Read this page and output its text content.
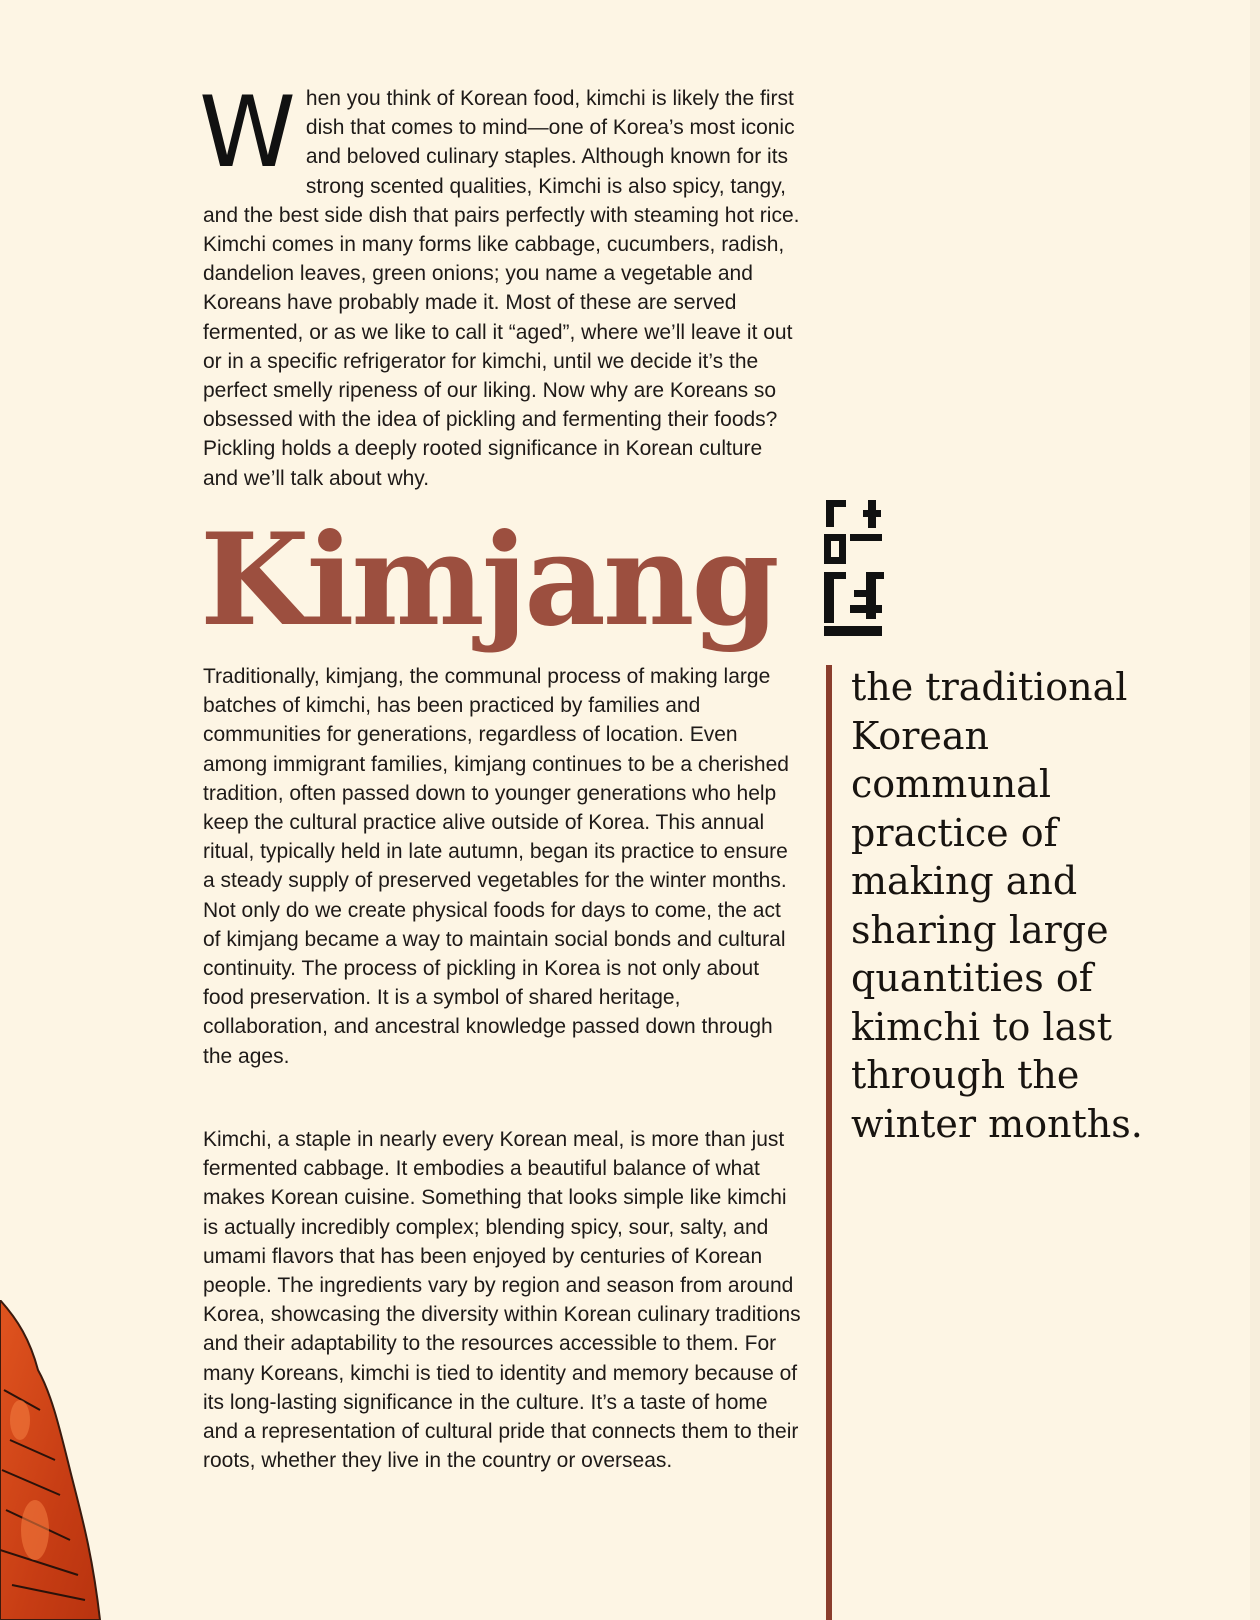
When you think of Korean food, kimchi is likely the first dish that comes to mind—one of Korea’s most iconic and beloved culinary staples. Although known for its strong scented qualities, Kimchi is also spicy, tangy, and the best side dish that pairs perfectly with steaming hot rice. Kimchi comes in many forms like cabbage, cucumbers, radish, dandelion leaves, green onions; you name a vegetable and Koreans have probably made it. Most of these are served fermented, or as we like to call it “aged”, where we’ll leave it out or in a specific refrigerator for kimchi, until we decide it’s the perfect smelly ripeness of our liking. Now why are Koreans so obsessed with the idea of pickling and fermenting their foods? Pickling holds a deeply rooted significance in Korean culture and we’ll talk about why.

Kimjang

the traditional Korean communal practice of making and sharing large quantities of kimchi to last through the winter months.

Traditionally, kimjang, the communal process of making large batches of kimchi, has been practiced by families and communities for generations, regardless of location. Even among immigrant families, kimjang continues to be a cherished tradition, often passed down to younger generations who help keep the cultural practice alive outside of Korea. This annual ritual, typically held in late autumn, began its practice to ensure a steady supply of preserved vegetables for the winter months. Not only do we create physical foods for days to come, the act of kimjang became a way to maintain social bonds and cultural continuity. The process of pickling in Korea is not only about food preservation. It is a symbol of shared heritage, collaboration, and ancestral knowledge passed down through the ages.

Kimchi, a staple in nearly every Korean meal, is more than just fermented cabbage. It embodies a beautiful balance of what makes Korean cuisine. Something that looks simple like kimchi is actually incredibly complex; blending spicy, sour, salty, and umami flavors that has been enjoyed by centuries of Korean people. The ingredients vary by region and season from around Korea, showcasing the diversity within Korean culinary traditions and their adaptability to the resources accessible to them. For many Koreans, kimchi is tied to identity and memory because of its long-lasting significance in the culture. It’s a taste of home and a representation of cultural pride that connects them to their roots, whether they live in the country or overseas.
